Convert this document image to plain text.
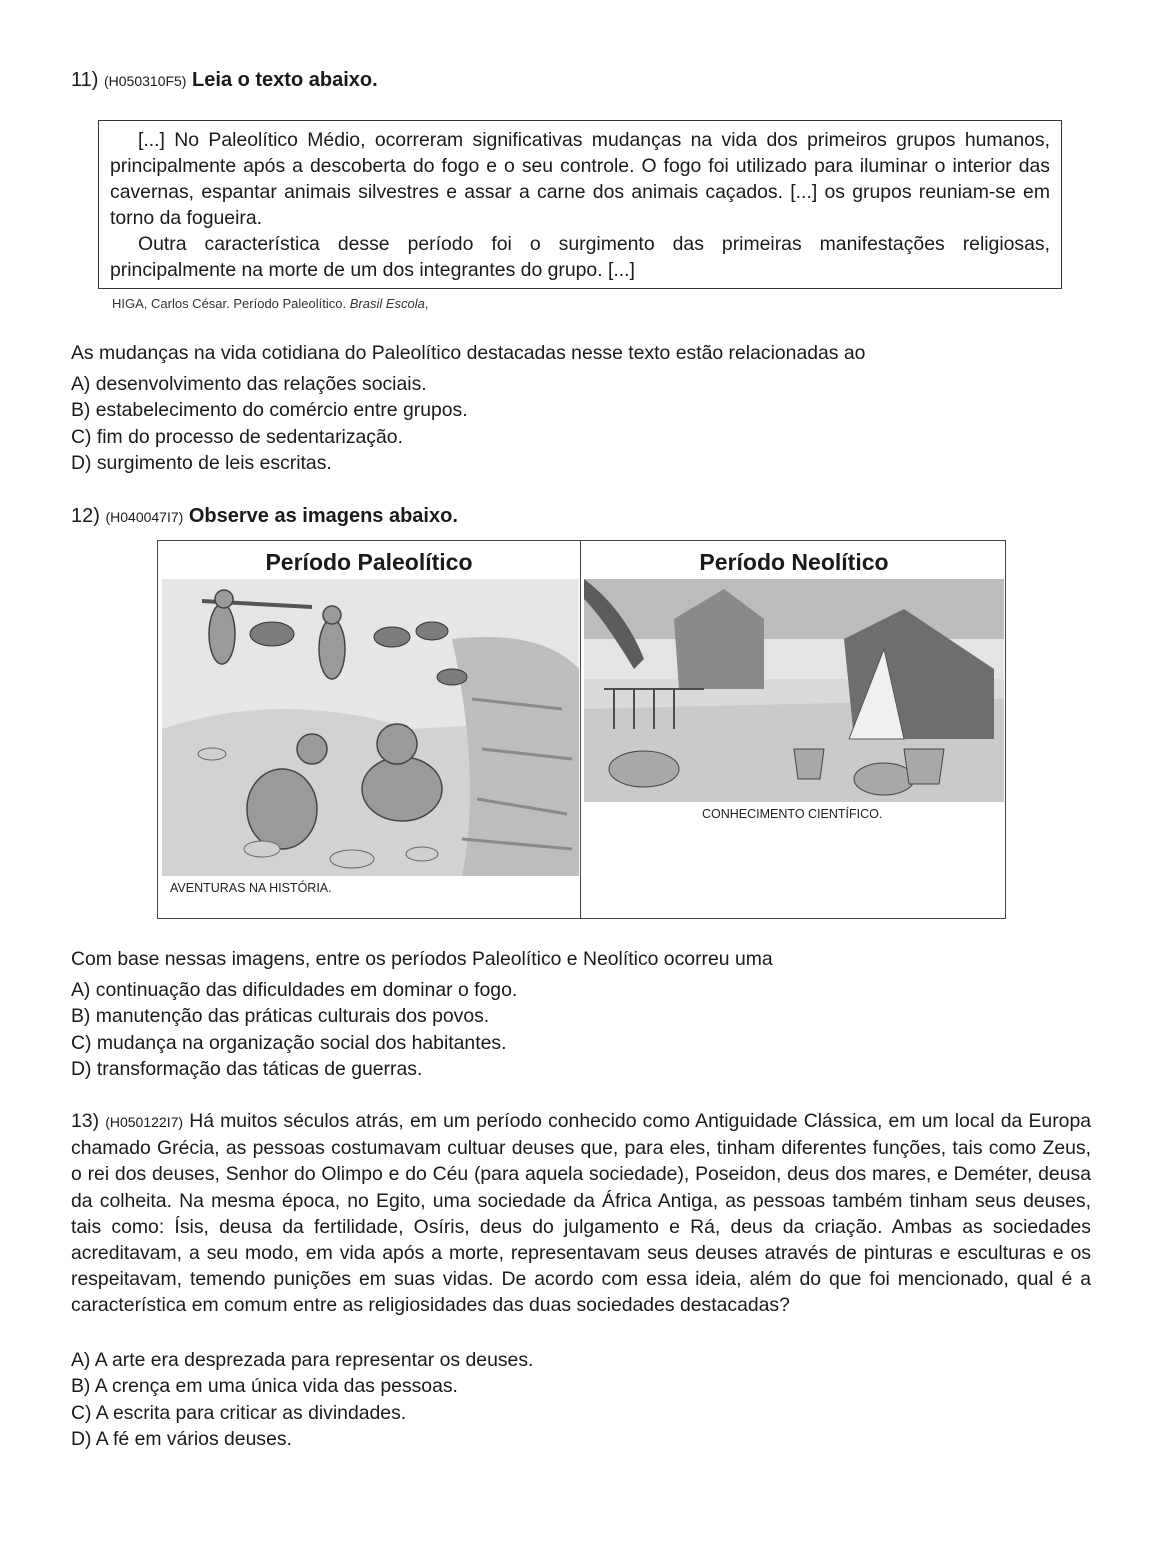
11) (H050310F5) Leia o texto abaixo.

[...] No Paleolítico Médio, ocorreram significativas mudanças na vida dos primeiros grupos humanos, principalmente após a descoberta do fogo e o seu controle. O fogo foi utilizado para iluminar o interior das cavernas, espantar animais silvestres e assar a carne dos animais caçados. [...] os grupos reuniam-se em torno da fogueira.

Outra característica desse período foi o surgimento das primeiras manifestações religiosas, principalmente na morte de um dos integrantes do grupo. [...]

HIGA, Carlos César. Período Paleolítico. Brasil Escola,
As mudanças na vida cotidiana do Paleolítico destacadas nesse texto estão relacionadas ao
A) desenvolvimento das relações sociais.
B) estabelecimento do comércio entre grupos.
C) fim do processo de sedentarização.
D) surgimento de leis escritas.
12) (H040047I7) Observe as imagens abaixo.
Período Paleolítico	Período Neolítico
AVENTURAS NA HISTÓRIA.
CONHECIMENTO CIENTÍFICO.
Com base nessas imagens, entre os períodos Paleolítico e Neolítico ocorreu uma
A) continuação das dificuldades em dominar o fogo.
B) manutenção das práticas culturais dos povos.
C) mudança na organização social dos habitantes.
D) transformação das táticas de guerras.
13) (H050122I7) Há muitos séculos atrás, em um período conhecido como Antiguidade Clássica, em um local da Europa chamado Grécia, as pessoas costumavam cultuar deuses que, para eles, tinham diferentes funções, tais como Zeus, o rei dos deuses, Senhor do Olimpo e do Céu (para aquela sociedade), Poseidon, deus dos mares, e Deméter, deusa da colheita. Na mesma época, no Egito, uma sociedade da África Antiga, as pessoas também tinham seus deuses, tais como: Ísis, deusa da fertilidade, Osíris, deus do julgamento e Rá, deus da criação. Ambas as sociedades acreditavam, a seu modo, em vida após a morte, representavam seus deuses através de pinturas e esculturas e os respeitavam, temendo punições em suas vidas. De acordo com essa ideia, além do que foi mencionado, qual é a característica em comum entre as religiosidades das duas sociedades destacadas?
A) A arte era desprezada para representar os deuses.
B) A crença em uma única vida das pessoas.
C) A escrita para criticar as divindades.
D) A fé em vários deuses.
